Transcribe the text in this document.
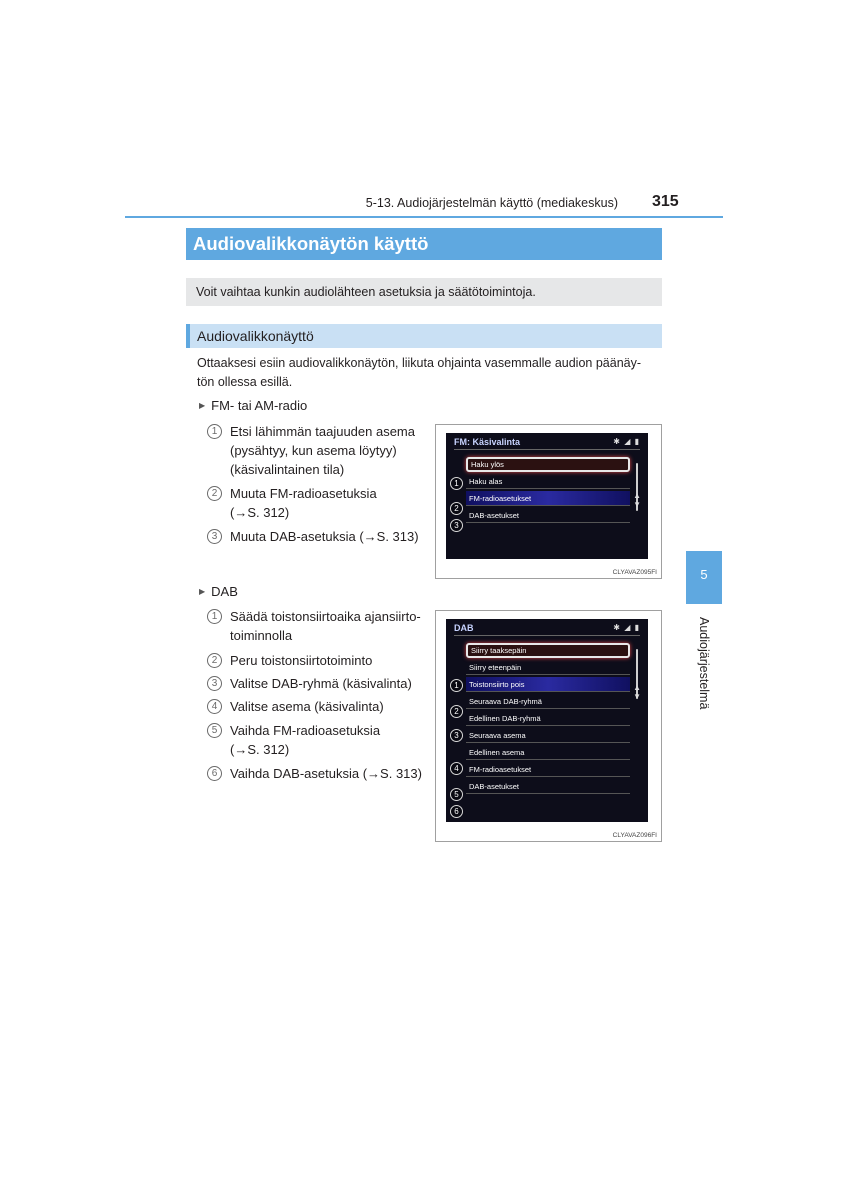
5-13. Audiojärjestelmän käyttö (mediakeskus) 315
Audiovalikkonäytön käyttö
Voit vaihtaa kunkin audiolähteen asetuksia ja säätötoimintoja.
Audiovalikkonäyttö
Ottaaksesi esiin audiovalikkonäytön, liikuta ohjainta vasemmalle audion päänäy-
tön ollessa esillä.
▶ FM- tai AM-radio
1 Etsi lähimmän taajuuden asema
(pysähtyy, kun asema löytyy)
(käsivalintainen tila)
2 Muuta FM-radioasetuksia
(→S. 312)
3 Muuta DAB-asetuksia (→S. 313)
FM: Käsivalinta	✱ ◢ ▮
Haku ylös
Haku alas
FM-radioasetukset
DAB-asetukset
▲
▼
1
2
3
CLYAVAZ095FI
▶ DAB
1 Säädä toistonsiirtoaika ajansiirto-
toiminnolla
2 Peru toistonsiirtotoiminto
3 Valitse DAB-ryhmä (käsivalinta)
4 Valitse asema (käsivalinta)
5 Vaihda FM-radioasetuksia
(→S. 312)
6 Vaihda DAB-asetuksia (→S. 313)
DAB	✱ ◢ ▮
Siirry taaksepäin
Siirry eteenpäin
Toistonsiirto pois
Seuraava DAB-ryhmä
Edellinen DAB-ryhmä
Seuraava asema
Edellinen asema
FM-radioasetukset
DAB-asetukset
▲
▼
1
2
3
4
5
6
CLYAVAZ096FI
5
Audiojärjestelmä
